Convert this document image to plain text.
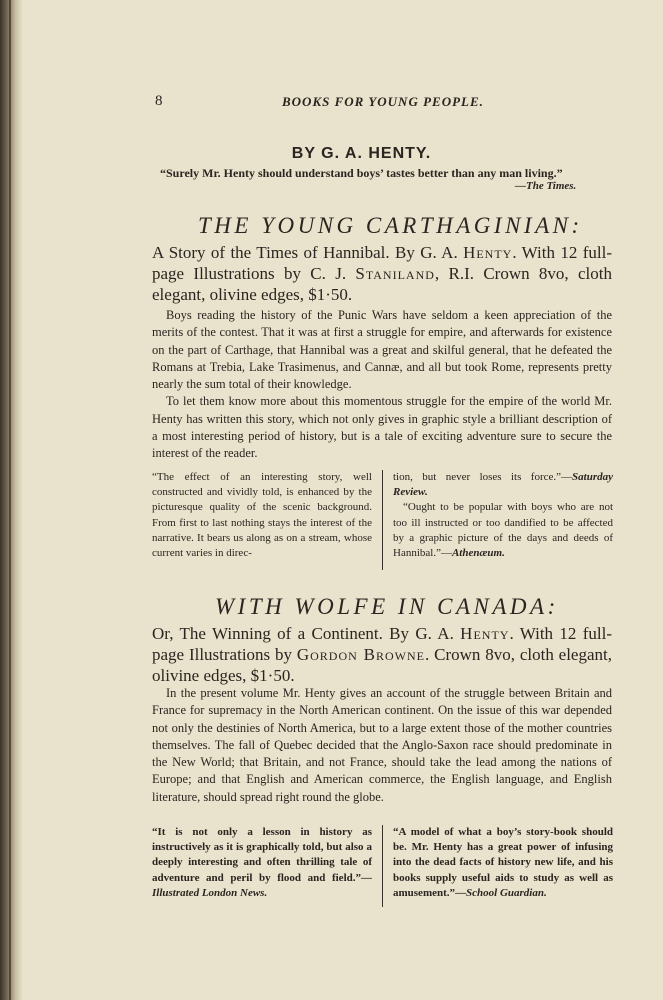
8	BOOKS FOR YOUNG PEOPLE.
BY G. A. HENTY.
“Surely Mr. Henty should understand boys’ tastes better than any man living.”
—The Times.
THE YOUNG CARTHAGINIAN:
A Story of the Times of Hannibal. By G. A. Henty. With 12 full-page Illustrations by C. J. Staniland, R.I. Crown 8vo, cloth elegant, olivine edges, $1·50.

Boys reading the history of the Punic Wars have seldom a keen appreciation of the merits of the contest. That it was at first a struggle for empire, and afterwards for existence on the part of Carthage, that Hannibal was a great and skilful general, that he defeated the Romans at Trebia, Lake Trasimenus, and Cannæ, and all but took Rome, represents pretty nearly the sum total of their knowledge.

To let them know more about this momentous struggle for the empire of the world Mr. Henty has written this story, which not only gives in graphic style a brilliant description of a most interesting period of history, but is a tale of exciting adventure sure to secure the interest of the reader.

“The effect of an interesting story, well constructed and vividly told, is enhanced by the picturesque quality of the scenic background. From first to last nothing stays the interest of the narrative. It bears us along as on a stream, whose current varies in direc-
tion, but never loses its force.”—Saturday Review.
“Ought to be popular with boys who are not too ill instructed or too dandified to be affected by a graphic picture of the days and deeds of Hannibal.”—Athenæum.
WITH WOLFE IN CANADA:
Or, The Winning of a Continent. By G. A. Henty. With 12 full-page Illustrations by Gordon Browne. Crown 8vo, cloth elegant, olivine edges, $1·50.

In the present volume Mr. Henty gives an account of the struggle between Britain and France for supremacy in the North American continent. On the issue of this war depended not only the destinies of North America, but to a large extent those of the mother countries themselves. The fall of Quebec decided that the Anglo-Saxon race should predominate in the New World; that Britain, and not France, should take the lead among the nations of Europe; and that English and American commerce, the English language, and English literature, should spread right round the globe.

“It is not only a lesson in history as instructively as it is graphically told, but also a deeply interesting and often thrilling tale of adventure and peril by flood and field.”—Illustrated London News.
“A model of what a boy’s story-book should be. Mr. Henty has a great power of infusing into the dead facts of history new life, and his books supply useful aids to study as well as amusement.”—School Guardian.
